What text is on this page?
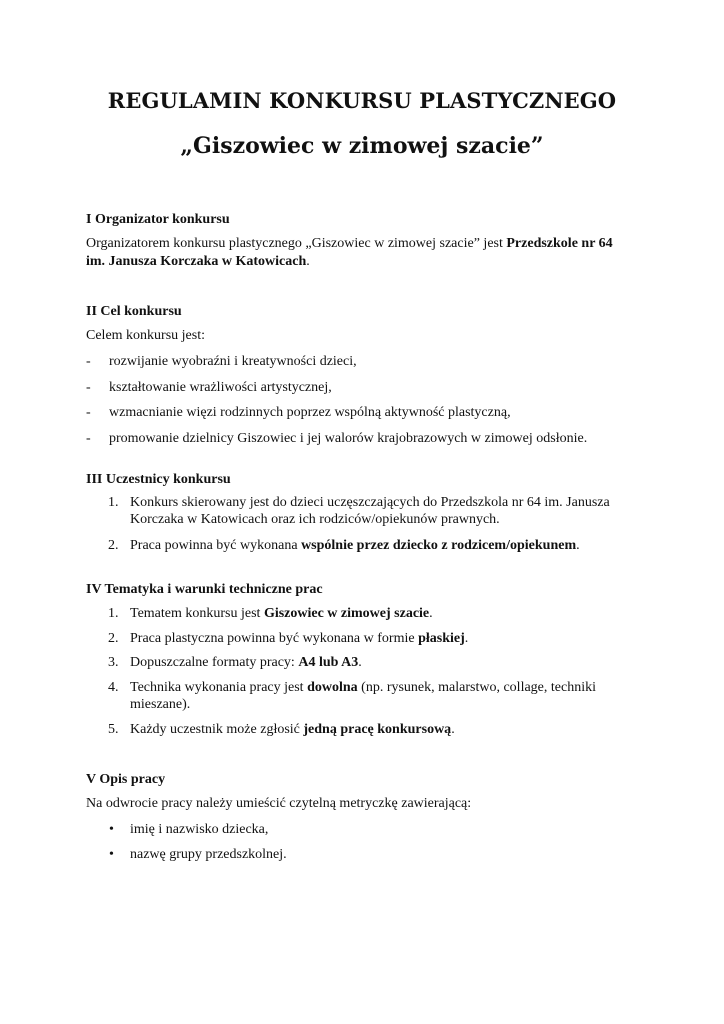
REGULAMIN KONKURSU PLASTYCZNEGO
„Giszowiec w zimowej szacie”
I Organizator konkursu
Organizatorem konkursu plastycznego „Giszowiec w zimowej szacie” jest Przedszkole nr 64
im. Janusza Korczaka w Katowicach.
II Cel konkursu
Celem konkursu jest:
- rozwijanie wyobraźni i kreatywności dzieci,
- kształtowanie wrażliwości artystycznej,
- wzmacnianie więzi rodzinnych poprzez wspólną aktywność plastyczną,
- promowanie dzielnicy Giszowiec i jej walorów krajobrazowych w zimowej odsłonie.
III Uczestnicy konkursu
1. Konkurs skierowany jest do dzieci uczęszczających do Przedszkola nr 64 im. Janusza
Korczaka w Katowicach oraz ich rodziców/opiekunów prawnych.
2. Praca powinna być wykonana wspólnie przez dziecko z rodzicem/opiekunem.
IV Tematyka i warunki techniczne prac
1. Tematem konkursu jest Giszowiec w zimowej szacie.
2. Praca plastyczna powinna być wykonana w formie płaskiej.
3. Dopuszczalne formaty pracy: A4 lub A3.
4. Technika wykonania pracy jest dowolna (np. rysunek, malarstwo, collage, techniki
mieszane).
5. Każdy uczestnik może zgłosić jedną pracę konkursową.
V Opis pracy
Na odwrocie pracy należy umieścić czytelną metryczkę zawierającą:
• imię i nazwisko dziecka,
• nazwę grupy przedszkolnej.
